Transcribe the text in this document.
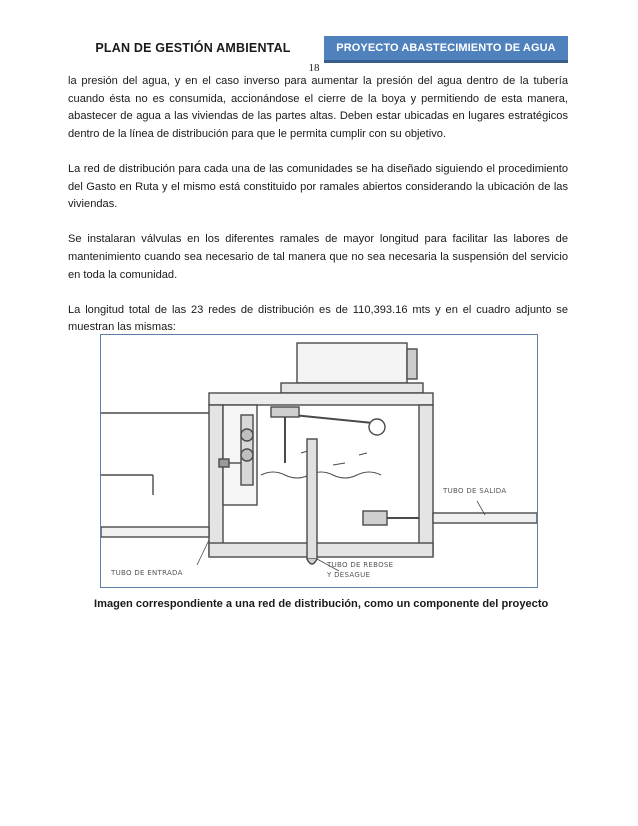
PLAN DE GESTIÓN AMBIENTAL	PROYECTO ABASTECIMIENTO DE AGUA
18

la presión del agua, y en el caso inverso para aumentar la presión del agua dentro de la tubería cuando ésta no es consumida, accionándose el cierre de la boya y permitiendo de esta manera, abastecer de agua a las viviendas de las partes altas. Deben estar ubicadas en lugares estratégicos dentro de la línea de distribución para que le permita cumplir con su objetivo.

La red de distribución para cada una de las comunidades se ha diseñado siguiendo el procedimiento del Gasto en Ruta y el mismo está constituido por ramales abiertos considerando la ubicación de las viviendas.

Se instalaran válvulas en los diferentes ramales de mayor longitud para facilitar las labores de mantenimiento cuando sea necesario de tal manera que no sea necesaria la suspensión del servicio en toda la comunidad.

La longitud total de las 23 redes de distribución es de 110,393.16 mts y en el cuadro adjunto se muestran las mismas:

TUBO DE SALIDA
TUBO DE ENTRADA
TUBO DE REBOSE
Y DESAGUE
Imagen correspondiente a una red de distribución, como un componente del proyecto
